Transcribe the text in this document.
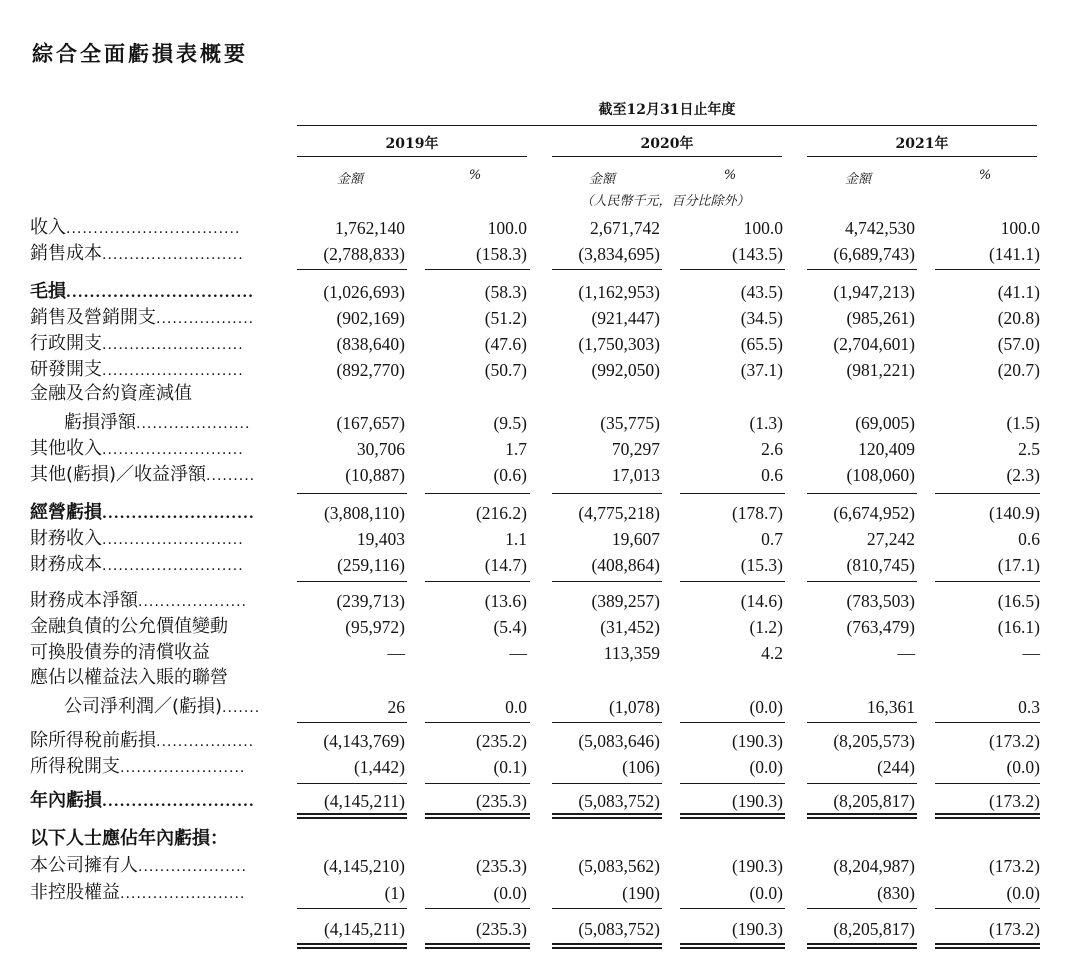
綜合全面虧損表概要
截至12月31日止年度
2019年	2020年	2021年
金額	%	金額	%	金額	%
（人民幣千元，百分比除外）
收入................................	1,762,140	100.0	2,671,742	100.0	4,742,530	100.0
銷售成本..........................	(2,788,833)	(158.3)	(3,834,695)	(143.5)	(6,689,743)	(141.1)
毛損................................	(1,026,693)	(58.3)	(1,162,953)	(43.5)	(1,947,213)	(41.1)
銷售及營銷開支..................	(902,169)	(51.2)	(921,447)	(34.5)	(985,261)	(20.8)
行政開支..........................	(838,640)	(47.6)	(1,750,303)	(65.5)	(2,704,601)	(57.0)
研發開支..........................	(892,770)	(50.7)	(992,050)	(37.1)	(981,221)	(20.7)
金融及合約資產減值
虧損淨額.....................	(167,657)	(9.5)	(35,775)	(1.3)	(69,005)	(1.5)
其他收入..........................	30,706	1.7	70,297	2.6	120,409	2.5
其他(虧損)／收益淨額.........	(10,887)	(0.6)	17,013	0.6	(108,060)	(2.3)
經營虧損..........................	(3,808,110)	(216.2)	(4,775,218)	(178.7)	(6,674,952)	(140.9)
財務收入..........................	19,403	1.1	19,607	0.7	27,242	0.6
財務成本..........................	(259,116)	(14.7)	(408,864)	(15.3)	(810,745)	(17.1)
財務成本淨額....................	(239,713)	(13.6)	(389,257)	(14.6)	(783,503)	(16.5)
金融負債的公允價值變動	(95,972)	(5.4)	(31,452)	(1.2)	(763,479)	(16.1)
可換股債券的清償收益	—	—	113,359	4.2	—	—
應佔以權益法入賬的聯營
公司淨利潤／(虧損).......	26	0.0	(1,078)	(0.0)	16,361	0.3
除所得稅前虧損..................	(4,143,769)	(235.2)	(5,083,646)	(190.3)	(8,205,573)	(173.2)
所得稅開支.......................	(1,442)	(0.1)	(106)	(0.0)	(244)	(0.0)
年內虧損..........................	(4,145,211)	(235.3)	(5,083,752)	(190.3)	(8,205,817)	(173.2)
以下人士應佔年內虧損：
本公司擁有人....................	(4,145,210)	(235.3)	(5,083,562)	(190.3)	(8,204,987)	(173.2)
非控股權益.......................	(1)	(0.0)	(190)	(0.0)	(830)	(0.0)
(4,145,211)	(235.3)	(5,083,752)	(190.3)	(8,205,817)	(173.2)
